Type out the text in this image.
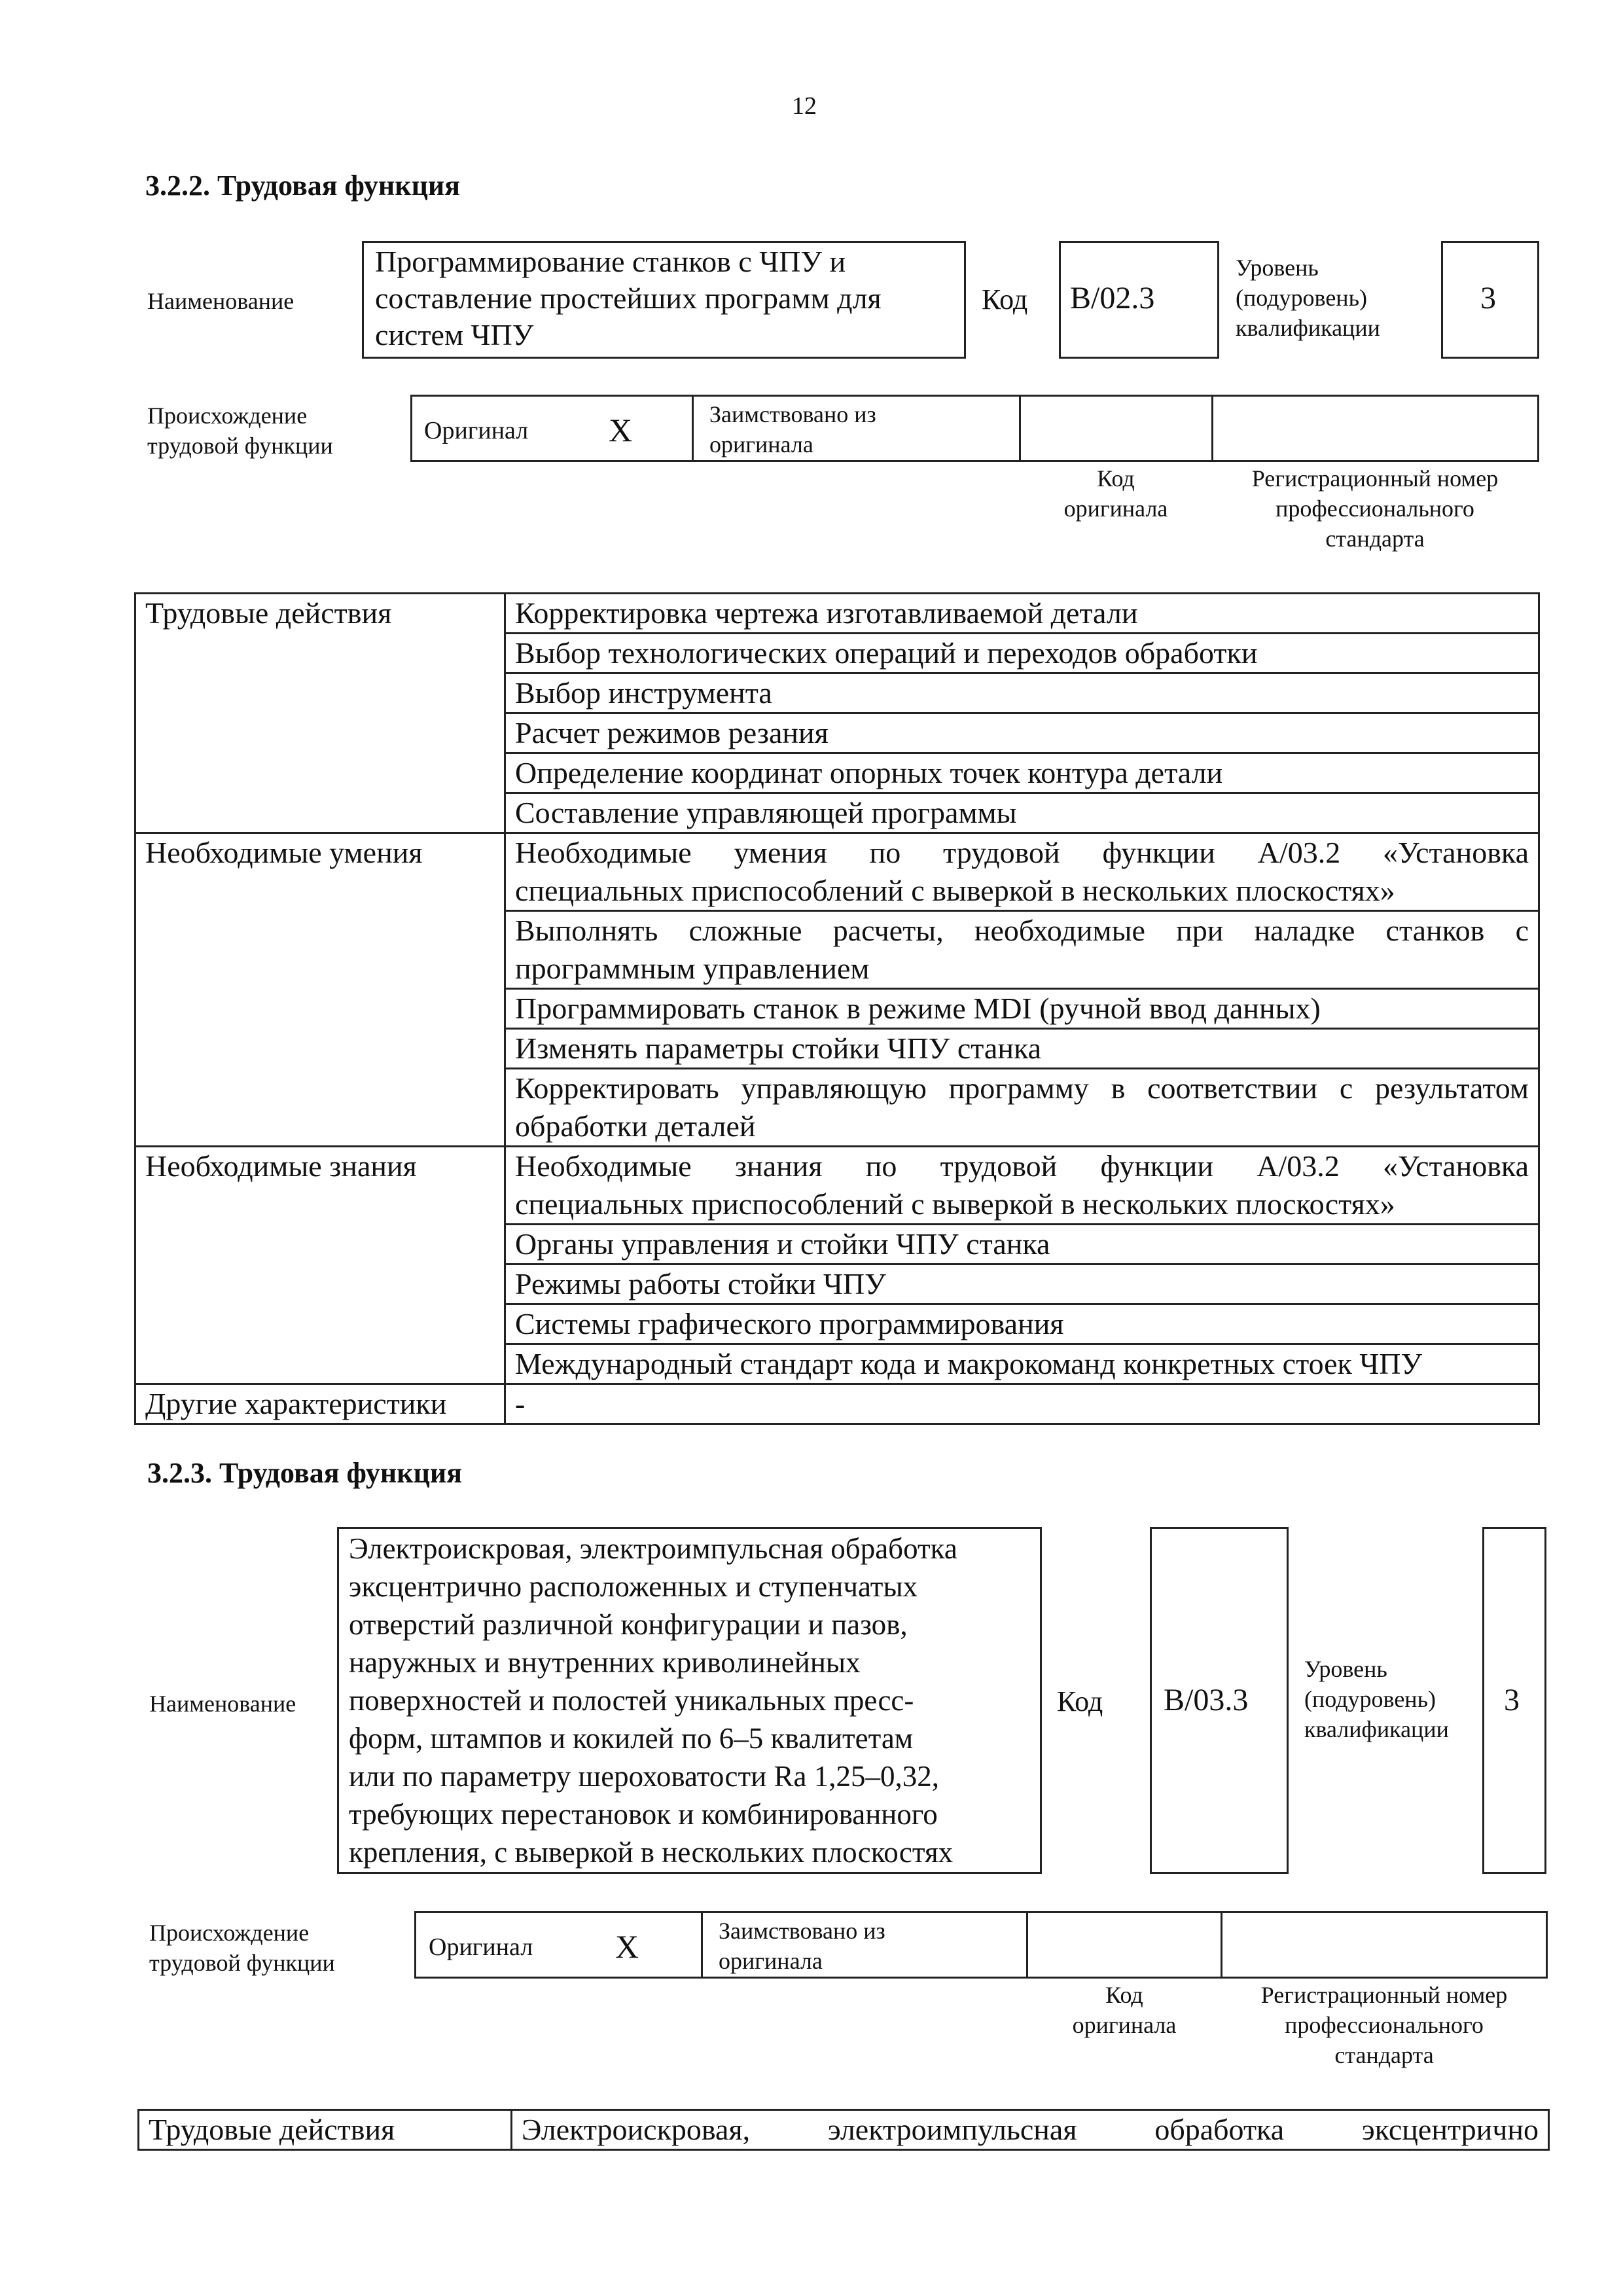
12
3.2.2. Трудовая функция
Наименование
Программирование станков с ЧПУ и
составление простейших программ для
систем ЧПУ
Код B/02.3
Уровень
(подуровень)
квалификации
3
Происхождение
трудовой функции
Оригинал X	Заимствовано из
оригинала
Код
оригинала
Регистрационный номер
профессионального
стандарта
Трудовые действия	Корректировка чертежа изготавливаемой детали
	Выбор технологических операций и переходов обработки
	Выбор инструмента
	Расчет режимов резания
	Определение координат опорных точек контура детали
	Составление управляющей программы
Необходимые умения	Необходимые умения по трудовой функции А/03.2 «Установка
специальных приспособлений с выверкой в нескольких плоскостях»

	Выполнять сложные расчеты, необходимые при наладке станков с
программным управлением

	Программировать станок в режиме MDI (ручной ввод данных)

	Изменять параметры стойки ЧПУ станка

	Корректировать управляющую программу в соответствии с результатом
обработки деталей

Необходимые знания	Необходимые знания по трудовой функции А/03.2 «Установка
специальных приспособлений с выверкой в нескольких плоскостях»

	Органы управления и стойки ЧПУ станка

	Режимы работы стойки ЧПУ

	Системы графического программирования

	Международный стандарт кода и макрокоманд конкретных стоек ЧПУ

Другие характеристики	-
3.2.3. Трудовая функция
Наименование
Электроискровая, электроимпульсная обработка
эксцентрично расположенных и ступенчатых
отверстий различной конфигурации и пазов,
наружных и внутренних криволинейных
поверхностей и полостей уникальных пресс-
форм, штампов и кокилей по 6–5 квалитетам
или по параметру шероховатости Ra 1,25–0,32,
требующих перестановок и комбинированного
крепления, с выверкой в нескольких плоскостях
Код B/03.3
Уровень
(подуровень)
квалификации
3
Происхождение
трудовой функции
Оригинал	X	Заимствовано из
оригинала
Код
оригинала
Регистрационный номер
профессионального
стандарта
Трудовые действия	Электроискровая, электроимпульсная обработка эксцентрично
